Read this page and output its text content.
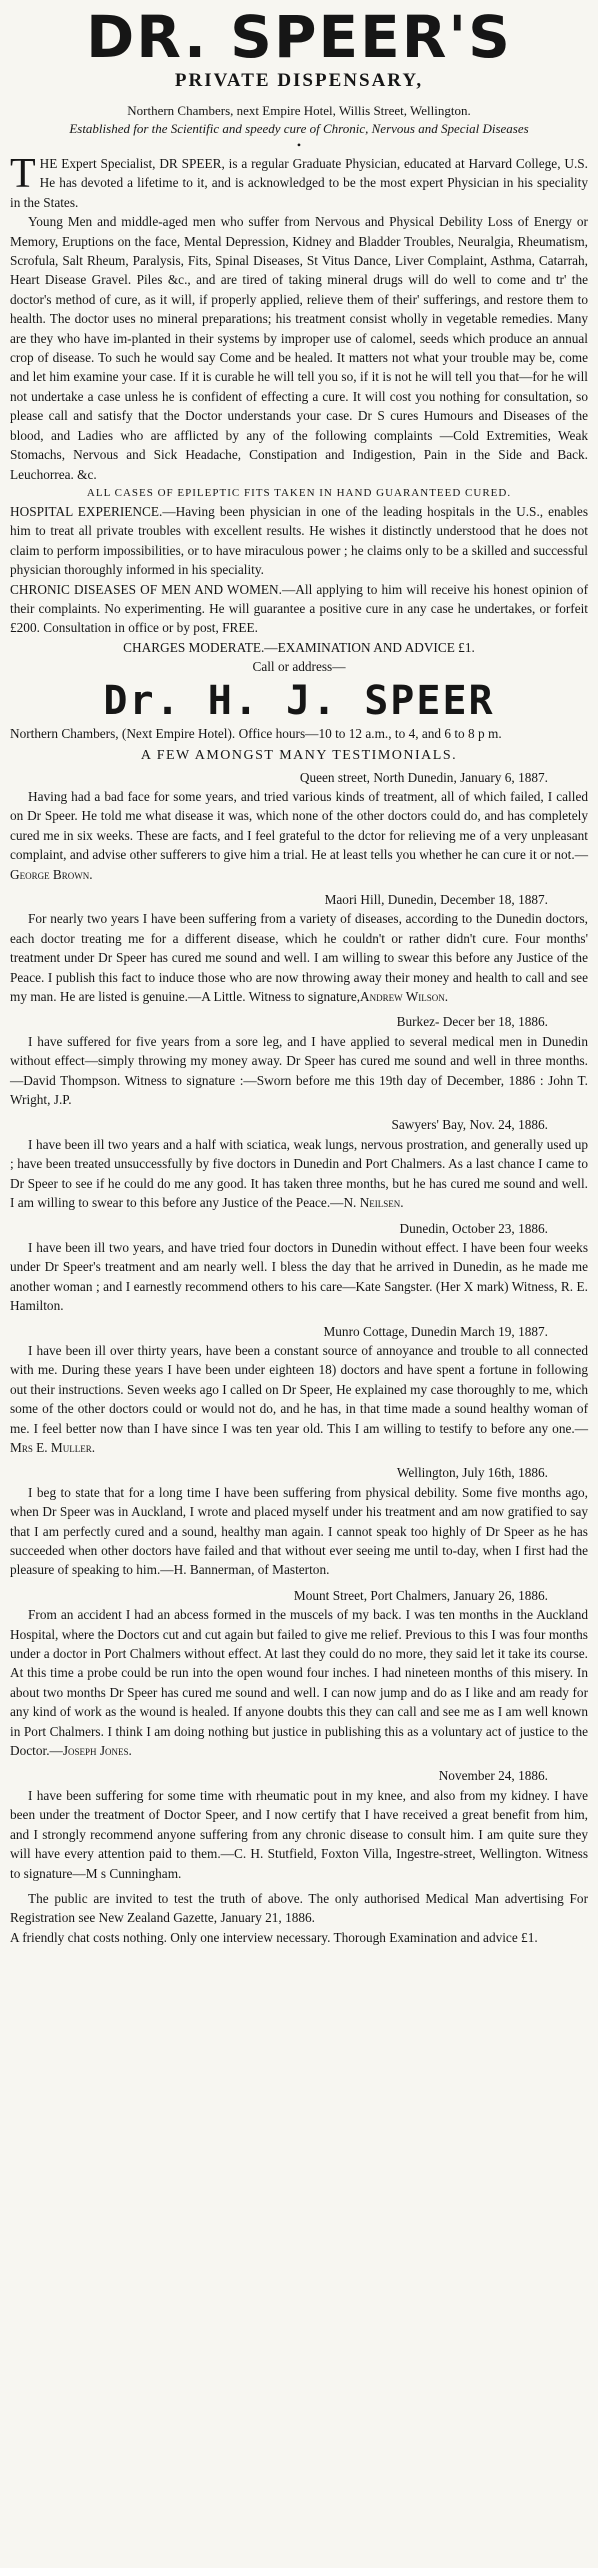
DR. SPEER'S
PRIVATE DISPENSARY,

Northern Chambers, next Empire Hotel, Willis Street, Wellington.

Established for the Scientific and speedy cure of Chronic, Nervous and Special Diseases

•

THE Expert Specialist, DR SPEER, is a regular Graduate Physician, educated at Harvard College, U.S. He has devoted a lifetime to it, and is acknowledged to be the most expert Physician in his speciality in the States.

Young Men and middle-aged men who suffer from Nervous and Physical Debility Loss of Energy or Memory, Eruptions on the face, Mental Depression, Kidney and Bladder Troubles, Neuralgia, Rheumatism, Scrofula, Salt Rheum, Paralysis, Fits, Spinal Diseases, St Vitus Dance, Liver Complaint, Asthma, Catarrah, Heart Disease Gravel. Piles &c., and are tired of taking mineral drugs will do well to come and tr' the doctor's method of cure, as it will, if properly applied, relieve them of their' sufferings, and restore them to health. The doctor uses no mineral preparations; his treatment consist wholly in vegetable remedies. Many are they who have im-planted in their systems by improper use of calomel, seeds which produce an annual crop of disease. To such he would say Come and be healed. It matters not what your trouble may be, come and let him examine your case. If it is curable he will tell you so, if it is not he will tell you that—for he will not undertake a case unless he is confident of effecting a cure. It will cost you nothing for consultation, so please call and satisfy that the Doctor understands your case. Dr S cures Humours and Diseases of the blood, and Ladies who are afflicted by any of the following complaints —Cold Extremities, Weak Stomachs, Nervous and Sick Headache, Constipation and Indigestion, Pain in the Side and Back. Leuchorrea. &c.

ALL CASES OF EPILEPTIC FITS TAKEN IN HAND GUARANTEED CURED.

HOSPITAL EXPERIENCE.—Having been physician in one of the leading hospitals in the U.S., enables him to treat all private troubles with excellent results. He wishes it distinctly understood that he does not claim to perform impossibilities, or to have miraculous power ; he claims only to be a skilled and successful physician thoroughly informed in his speciality.

CHRONIC DISEASES OF MEN AND WOMEN.—All applying to him will receive his honest opinion of their complaints. No experimenting. He will guarantee a positive cure in any case he undertakes, or forfeit £200. Consultation in office or by post, FREE.

CHARGES MODERATE.—EXAMINATION AND ADVICE £1.

Call or address—

Dr. H. J. SPEER

Northern Chambers, (Next Empire Hotel). Office hours—10 to 12 a.m., to 4, and 6 to 8 p m.

A FEW AMONGST MANY TESTIMONIALS.
Queen street, North Dunedin, January 6, 1887.

Having had a bad face for some years, and tried various kinds of treatment, all of which failed, I called on Dr Speer. He told me what disease it was, which none of the other doctors could do, and has completely cured me in six weeks. These are facts, and I feel grateful to the dctor for relieving me of a very unpleasant complaint, and advise other sufferers to give him a trial. He at least tells you whether he can cure it or not.—George Brown.

Maori Hill, Dunedin, December 18, 1887.

For nearly two years I have been suffering from a variety of diseases, according to the Dunedin doctors, each doctor treating me for a different disease, which he couldn't or rather didn't cure. Four months' treatment under Dr Speer has cured me sound and well. I am willing to swear this before any Justice of the Peace. I publish this fact to induce those who are now throwing away their money and health to call and see my man. He are listed is genuine.—A Little. Witness to signature,Andrew Wilson.

Burkez- Decer ber 18, 1886.

I have suffered for five years from a sore leg, and I have applied to several medical men in Dunedin without effect—simply throwing my money away. Dr Speer has cured me sound and well in three months.—David Thompson. Witness to signature :—Sworn before me this 19th day of December, 1886 : John T. Wright, J.P.

Sawyers' Bay, Nov. 24, 1886.

I have been ill two years and a half with sciatica, weak lungs, nervous prostration, and generally used up ; have been treated unsuccessfully by five doctors in Dunedin and Port Chalmers. As a last chance I came to Dr Speer to see if he could do me any good. It has taken three months, but he has cured me sound and well. I am willing to swear to this before any Justice of the Peace.—N. Neilsen.

Dunedin, October 23, 1886.

I have been ill two years, and have tried four doctors in Dunedin without effect. I have been four weeks under Dr Speer's treatment and am nearly well. I bless the day that he arrived in Dunedin, as he made me another woman ; and I earnestly recommend others to his care—Kate Sangster. (Her X mark) Witness, R. E. Hamilton.

Munro Cottage, Dunedin March 19, 1887.

I have been ill over thirty years, have been a constant source of annoyance and trouble to all connected with me. During these years I have been under eighteen 18) doctors and have spent a fortune in following out their instructions. Seven weeks ago I called on Dr Speer, He explained my case thoroughly to me, which some of the other doctors could or would not do, and he has, in that time made a sound healthy woman of me. I feel better now than I have since I was ten year old. This I am willing to testify to before any one.—Mrs E. Muller.

Wellington, July 16th, 1886.

I beg to state that for a long time I have been suffering from physical debility. Some five months ago, when Dr Speer was in Auckland, I wrote and placed myself under his treatment and am now gratified to say that I am perfectly cured and a sound, healthy man again. I cannot speak too highly of Dr Speer as he has succeeded when other doctors have failed and that without ever seeing me until to-day, when I first had the pleasure of speaking to him.—H. Bannerman, of Masterton.

Mount Street, Port Chalmers, January 26, 1886.

From an accident I had an abcess formed in the muscels of my back. I was ten months in the Auckland Hospital, where the Doctors cut and cut again but failed to give me relief. Previous to this I was four months under a doctor in Port Chalmers without effect. At last they could do no more, they said let it take its course. At this time a probe could be run into the open wound four inches. I had nineteen months of this misery. In about two months Dr Speer has cured me sound and well. I can now jump and do as I like and am ready for any kind of work as the wound is healed. If anyone doubts this they can call and see me as I am well known in Port Chalmers. I think I am doing nothing but justice in publishing this as a voluntary act of justice to the Doctor.—Joseph Jones.

November 24, 1886.

I have been suffering for some time with rheumatic pout in my knee, and also from my kidney. I have been under the treatment of Doctor Speer, and I now certify that I have received a great benefit from him, and I strongly recommend anyone suffering from any chronic disease to consult him. I am quite sure they will have every attention paid to them.—C. H. Stutfield, Foxton Villa, Ingestre-street, Wellington. Witness to signature—M s Cunningham.

The public are invited to test the truth of above. The only authorised Medical Man advertising For Registration see New Zealand Gazette, January 21, 1886.

A friendly chat costs nothing. Only one interview necessary. Thorough Examination and advice £1.
